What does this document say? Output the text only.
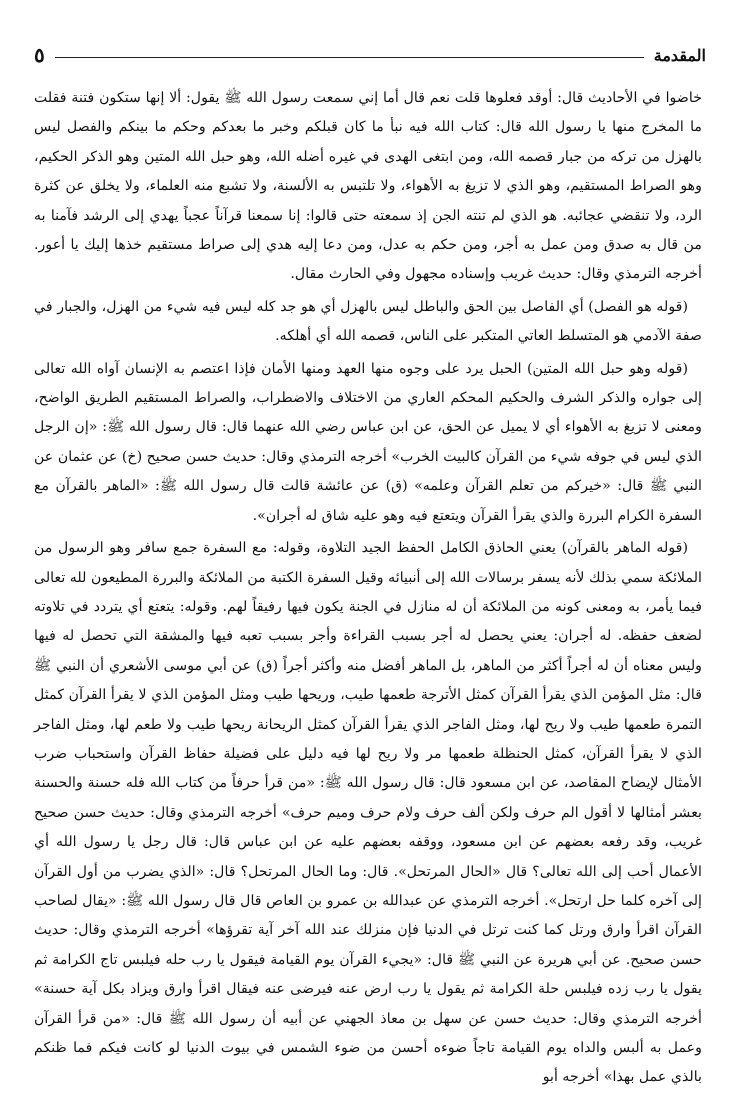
المقدمة
٥

خاضوا في الأحاديث قال: أوقد فعلوها قلت نعم قال أما إني سمعت رسول الله ﷺ يقول: ألا إنها ستكون فتنة فقلت ما المخرج منها يا رسول الله قال: كتاب الله فيه نبأ ما كان قبلكم وخبر ما بعدكم وحكم ما بينكم والفصل ليس بالهزل من تركه من جبار قصمه الله، ومن ابتغى الهدى في غيره أضله الله، وهو حبل الله المتين وهو الذكر الحكيم، وهو الصراط المستقيم، وهو الذي لا تزيغ به الأهواء، ولا تلتبس به الألسنة، ولا تشبع منه العلماء، ولا يخلق عن كثرة الرد، ولا تنقضي عجائبه. هو الذي لم تنته الجن إذ سمعته حتى قالوا: إنا سمعنا قرآناً عجباً يهدي إلى الرشد فآمنا به من قال به صدق ومن عمل به أجر، ومن حكم به عدل، ومن دعا إليه هدي إلى صراط مستقيم خذها إليك يا أعور. أخرجه الترمذي وقال: حديث غريب وإسناده مجهول وفي الحارث مقال.

(قوله هو الفصل) أي الفاصل بين الحق والباطل ليس بالهزل أي هو جد كله ليس فيه شيء من الهزل، والجبار في صفة الآدمي هو المتسلط العاتي المتكبر على الناس، قصمه الله أي أهلكه.

(قوله وهو حبل الله المتين) الحبل يرد على وجوه منها العهد ومنها الأمان فإذا اعتصم به الإنسان آواه الله تعالى إلى جواره والذكر الشرف والحكيم المحكم العاري من الاختلاف والاضطراب، والصراط المستقيم الطريق الواضح، ومعنى لا تزيغ به الأهواء أي لا يميل عن الحق، عن ابن عباس رضي الله عنهما قال: قال رسول الله ﷺ: «إن الرجل الذي ليس في جوفه شيء من القرآن كالبيت الخرب» أخرجه الترمذي وقال: حديث حسن صحيح (خ) عن عثمان عن النبي ﷺ قال: «خيركم من تعلم القرآن وعلمه» (ق) عن عائشة قالت قال رسول الله ﷺ: «الماهر بالقرآن مع السفرة الكرام البررة والذي يقرأ القرآن ويتعتع فيه وهو عليه شاق له أجران».

(قوله الماهر بالقرآن) يعني الحاذق الكامل الحفظ الجيد التلاوة، وقوله: مع السفرة جمع سافر وهو الرسول من الملائكة سمي بذلك لأنه يسفر برسالات الله إلى أنبيائه وقيل السفرة الكتبة من الملائكة والبررة المطيعون لله تعالى فيما يأمر، به ومعنى كونه من الملائكة أن له منازل في الجنة يكون فيها رفيقاً لهم. وقوله: يتعتع أي يتردد في تلاوته لضعف حفظه. له أجران: يعني يحصل له أجر بسبب القراءة وأجر بسبب تعبه فيها والمشقة التي تحصل له فيها وليس معناه أن له أجراً أكثر من الماهر، بل الماهر أفضل منه وأكثر أجراً (ق) عن أبي موسى الأشعري أن النبي ﷺ قال: مثل المؤمن الذي يقرأ القرآن كمثل الأترجة طعمها طيب، وريحها طيب ومثل المؤمن الذي لا يقرأ القرآن كمثل التمرة طعمها طيب ولا ريح لها، ومثل الفاجر الذي يقرأ القرآن كمثل الريحانة ريحها طيب ولا طعم لها، ومثل الفاجر الذي لا يقرأ القرآن، كمثل الحنظلة طعمها مر ولا ريح لها فيه دليل على فضيلة حفاظ القرآن واستحباب ضرب الأمثال لإيضاح المقاصد، عن ابن مسعود قال: قال رسول الله ﷺ: «من قرأ حرفاً من كتاب الله فله حسنة والحسنة بعشر أمثالها لا أقول الم حرف ولكن ألف حرف ولام حرف وميم حرف» أخرجه الترمذي وقال: حديث حسن صحيح غريب، وقد رفعه بعضهم عن ابن مسعود، ووقفه بعضهم عليه عن ابن عباس قال: قال رجل يا رسول الله أي الأعمال أحب إلى الله تعالى؟ قال «الحال المرتحل». قال: وما الحال المرتحل؟ قال: «الذي يضرب من أول القرآن إلى آخره كلما حل ارتحل». أخرجه الترمذي عن عبدالله بن عمرو بن العاص قال قال رسول الله ﷺ: «يقال لصاحب القرآن اقرأ وارق ورتل كما كنت ترتل في الدنيا فإن منزلك عند الله آخر آية تقرؤها» أخرجه الترمذي وقال: حديث حسن صحيح. عن أبي هريرة عن النبي ﷺ قال: «يجيء القرآن يوم القيامة فيقول يا رب حله فيلبس تاج الكرامة ثم يقول يا رب زده فيلبس حلة الكرامة ثم يقول يا رب ارض عنه فيرضى عنه فيقال اقرأ وارق ويزاد بكل آية حسنة» أخرجه الترمذي وقال: حديث حسن عن سهل بن معاذ الجهني عن أبيه أن رسول الله ﷺ قال: «من قرأ القرآن وعمل به ألبس والداه يوم القيامة تاجاً ضوءه أحسن من ضوء الشمس في بيوت الدنيا لو كانت فيكم فما ظنكم بالذي عمل بهذا» أخرجه أبو
